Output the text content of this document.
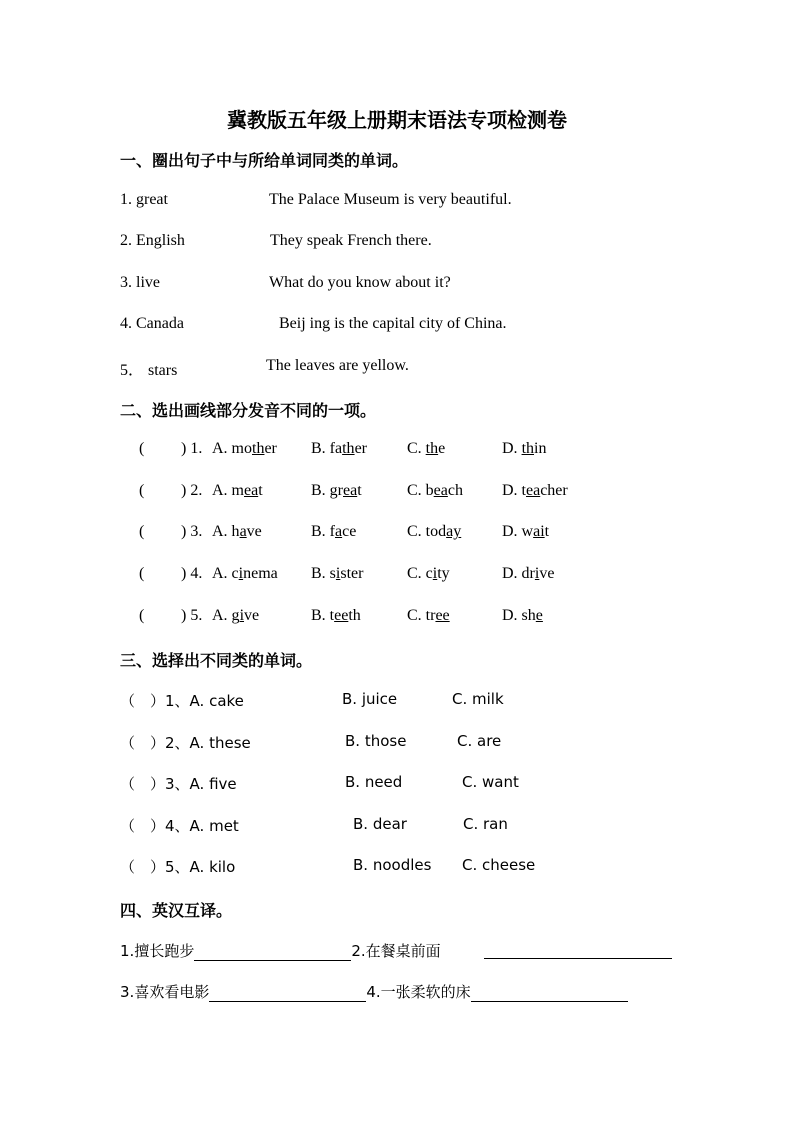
冀教版五年级上册期末语法专项检测卷
一、圈出句子中与所给单词同类的单词。
1. great	The Palace Museum is very beautiful.
2. English	They speak French there.
3. live	What do you know about it?
4. Canada	Beij ing is the capital city of China.
5． stars	The leaves are yellow.
二、选出画线部分发音不同的一项。
( ) 1. A. mother B. father	C. the	D. thin
( ) 2. A. meat	B. great	C. beach D. teacher
( ) 3. A. have	B. face	C. today	D. wait
( ) 4. A. cinema B. sister	C. city	D. drive
( ) 5. A. give	B. teeth	C. tree	D. she
三、选择出不同类的单词。
（　）1、A. cake	B. juice	C. milk
（　）2、A. these	B. those	C. are
（　）3、A. five	B. need	C. want
（　）4、A. met	B. dear	C. ran
（　）5、A. kilo	B. noodles C. cheese
四、英汉互译。
1.擅长跑步	2.在餐桌前面
3.喜欢看电影	4.一张柔软的床
